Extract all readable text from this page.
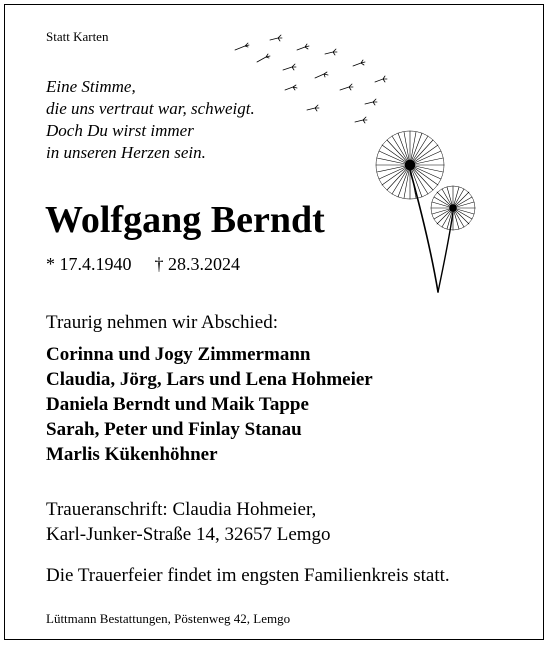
Statt Karten
Eine Stimme,
die uns vertraut war, schweigt.
Doch Du wirst immer
in unseren Herzen sein.
Wolfgang Berndt
* 17.4.1940 † 28.3.2024
Traurig nehmen wir Abschied:
Corinna und Jogy Zimmermann
Claudia, Jörg, Lars und Lena Hohmeier
Daniela Berndt und Maik Tappe
Sarah, Peter und Finlay Stanau
Marlis Kükenhöhner
Traueranschrift: Claudia Hohmeier,
Karl-Junker-Straße 14, 32657 Lemgo
Die Trauerfeier findet im engsten Familienkreis statt.
Lüttmann Bestattungen, Pöstenweg 42, Lemgo
